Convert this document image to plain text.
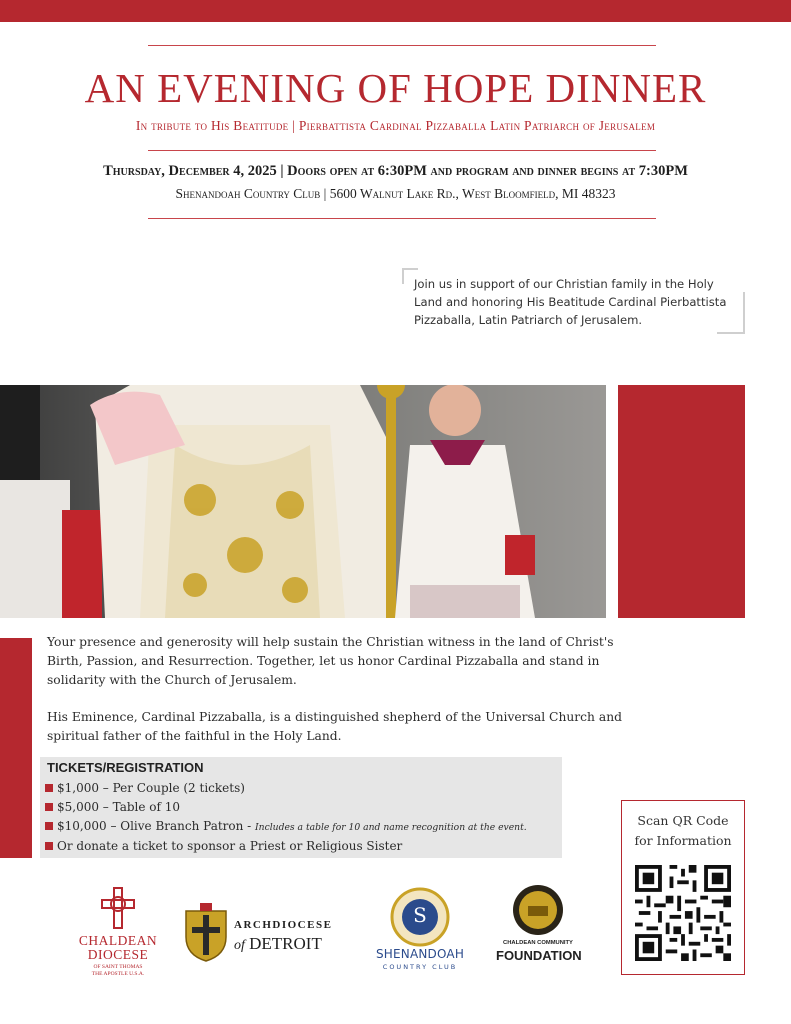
AN EVENING OF HOPE DINNER
In tribute to His Beatitude | Pierbattista Cardinal Pizzaballa Latin Patriarch of Jerusalem
Thursday, December 4, 2025 | Doors open at 6:30PM and program and dinner begins at 7:30PM
Shenandoah Country Club | 5600 Walnut Lake Rd., West Bloomfield, MI 48323
Join us in support of our Christian family in the Holy Land and honoring His Beatitude Cardinal Pierbattista Pizzaballa, Latin Patriarch of Jerusalem.
Your presence and generosity will help sustain the Christian witness in the land of Christ's Birth, Passion, and Resurrection. Together, let us honor Cardinal Pizzaballa and stand in solidarity with the Church of Jerusalem.
His Eminence, Cardinal Pizzaballa, is a distinguished shepherd of the Universal Church and spiritual father of the faithful in the Holy Land.
TICKETS/REGISTRATION
$1,000 – Per Couple (2 tickets)
$5,000 – Table of 10
$10,000 – Olive Branch Patron - Includes a table for 10 and name recognition at the event.
Or donate a ticket to sponsor a Priest or Religious Sister
Scan QR Code
for Information
CHALDEAN
DIOCESE
OF SAINT THOMAS
THE APOSTLE U.S.A.
ARCHDIOCESE
of DETROIT
S
SHENANDOAH
COUNTRY CLUB
CHALDEAN COMMUNITY
FOUNDATION
